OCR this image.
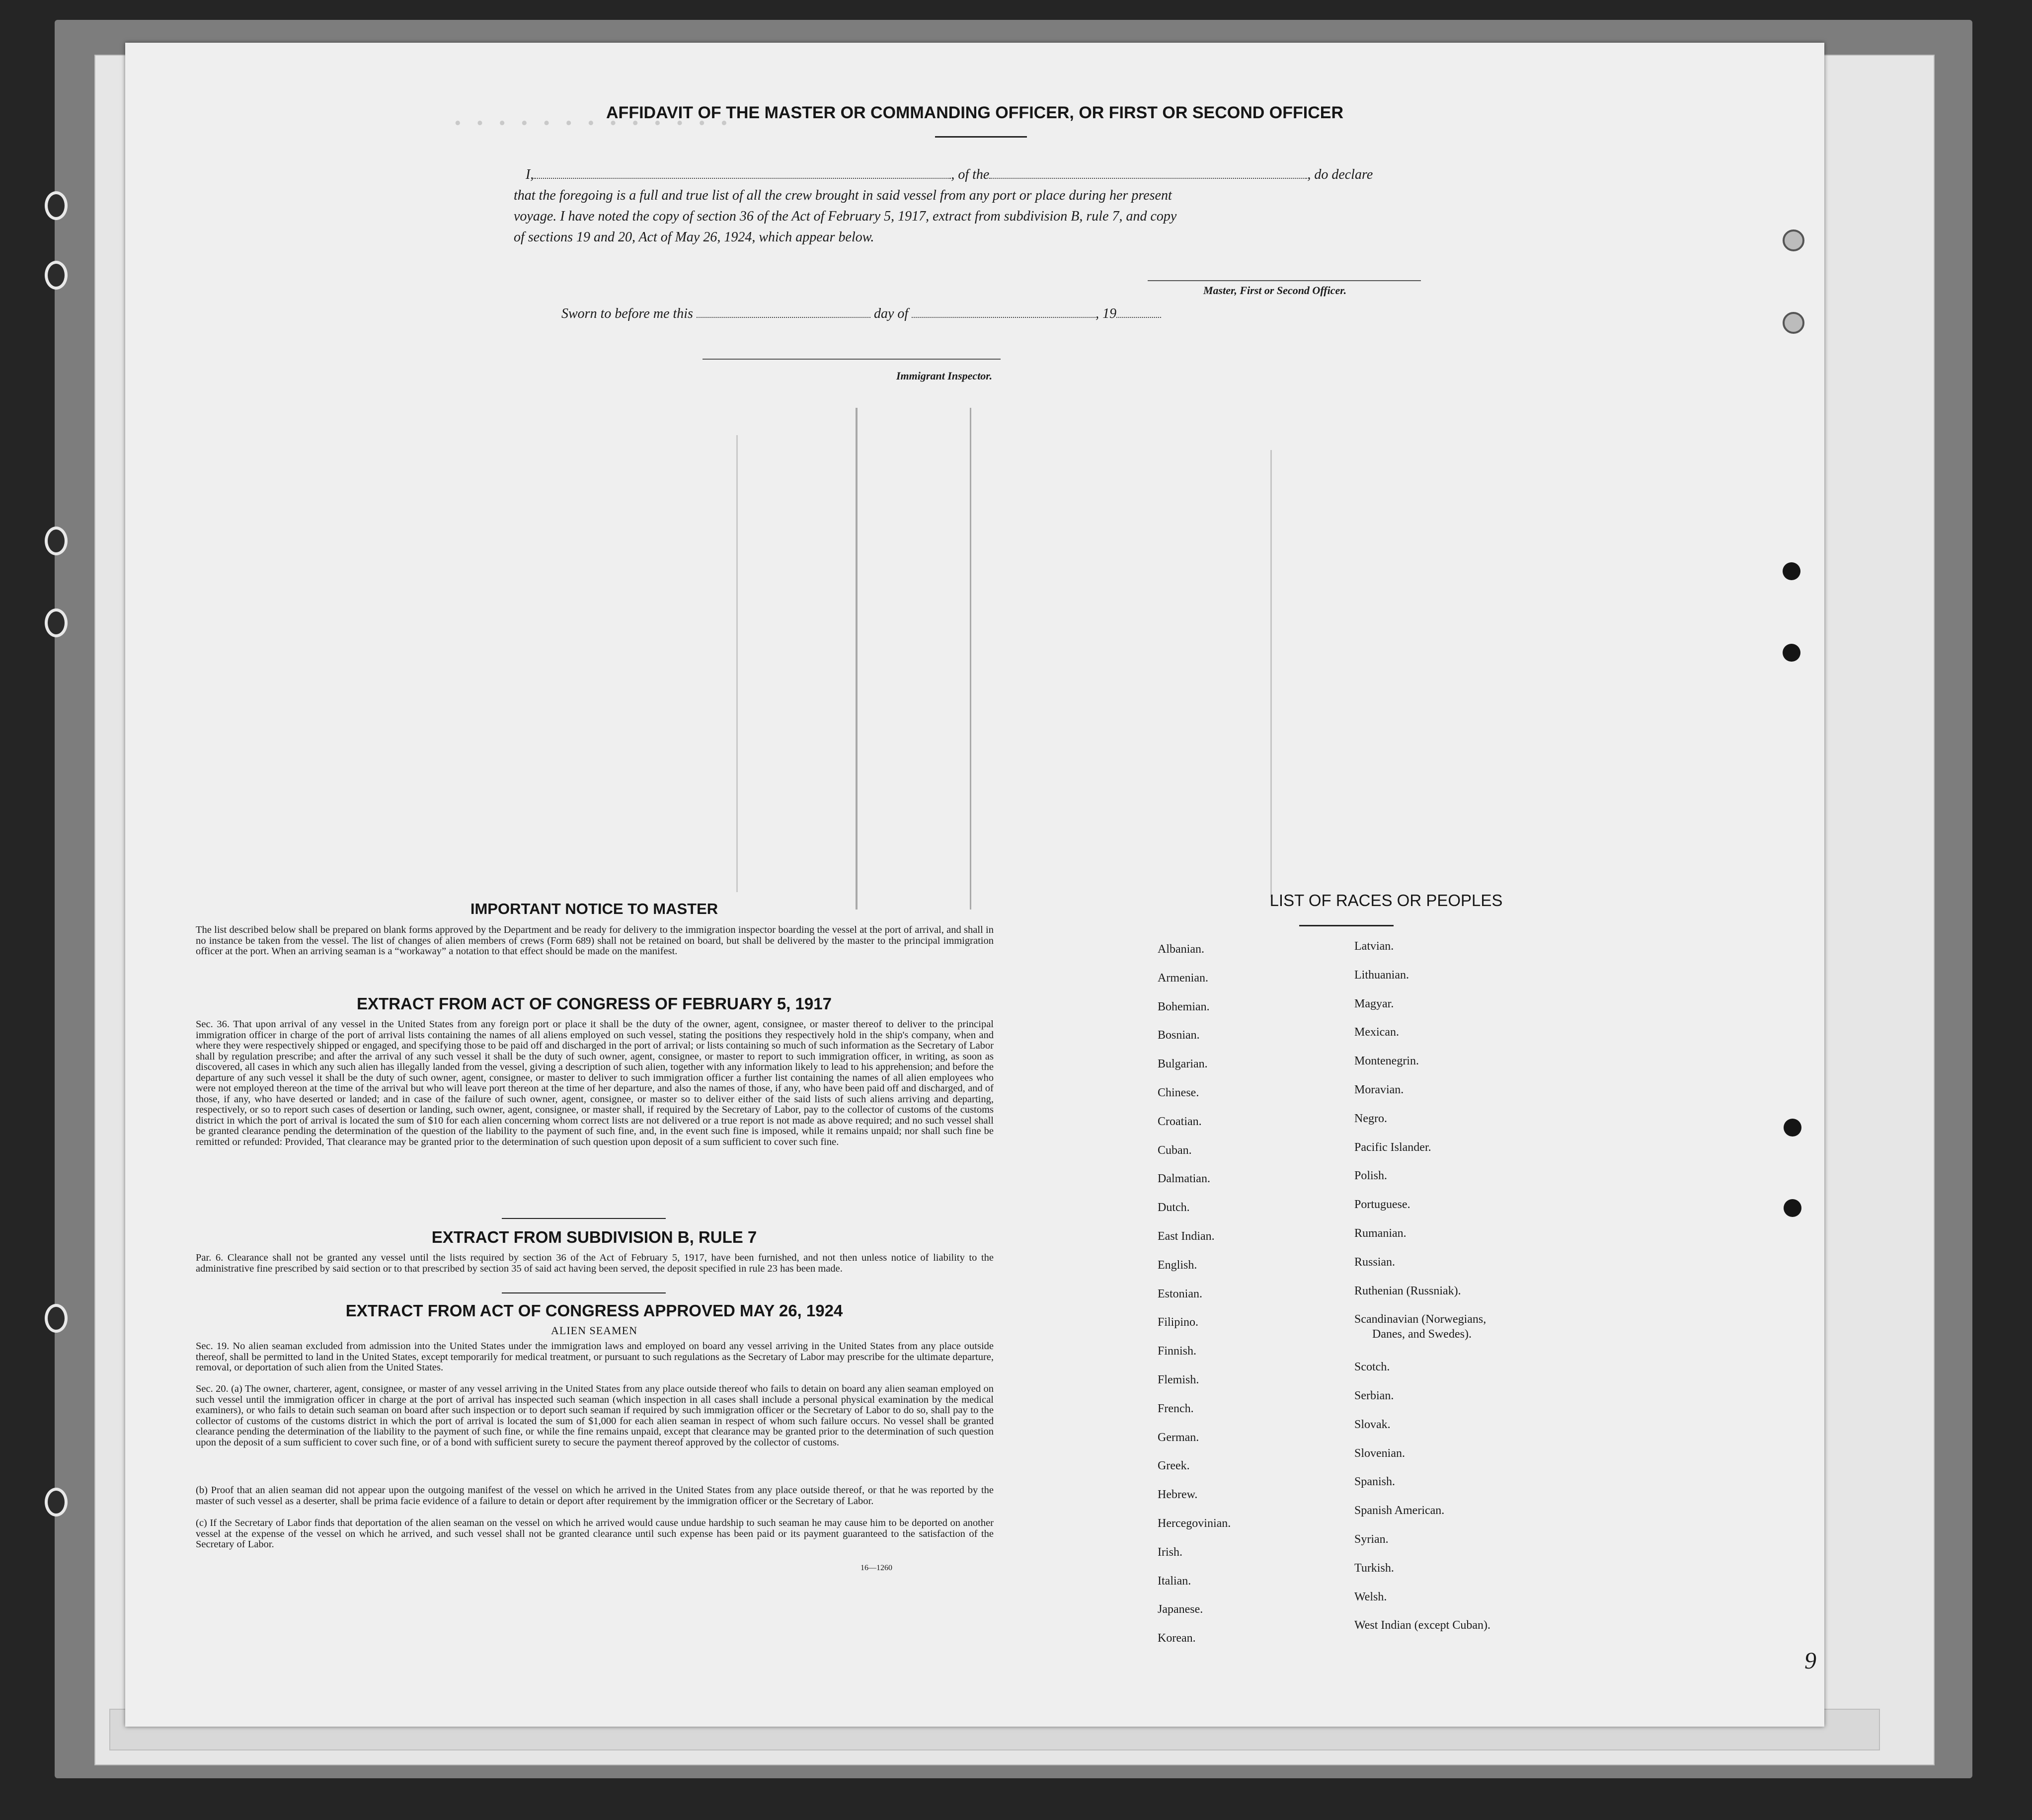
· · · · · · · · · · · · ·
AFFIDAVIT OF THE MASTER OR COMMANDING OFFICER, OR FIRST OR SECOND OFFICER
I,	, of the	, do declare
that the foregoing is a full and true list of all the crew brought in said vessel from any port or place during her present
voyage. I have noted the copy of section 36 of the Act of February 5, 1917, extract from subdivision B, rule 7, and copy
of sections 19 and 20, Act of May 26, 1924, which appear below.
Master, First or Second Officer.
Sworn to before me this	day of	, 19
Immigrant Inspector.
IMPORTANT NOTICE TO MASTER
The list described below shall be prepared on blank forms approved by the Department and be ready for delivery to the immigration inspector boarding the vessel at the port of arrival, and shall in no instance be taken from the vessel. The list of changes of alien members of crews (Form 689) shall not be retained on board, but shall be delivered by the master to the principal immigration officer at the port. When an arriving seaman is a “workaway” a notation to that effect should be made on the manifest.
EXTRACT FROM ACT OF CONGRESS OF FEBRUARY 5, 1917
Sec. 36. That upon arrival of any vessel in the United States from any foreign port or place it shall be the duty of the owner, agent, consignee, or master thereof to deliver to the principal immigration officer in charge of the port of arrival lists containing the names of all aliens employed on such vessel, stating the positions they respectively hold in the ship's company, when and where they were respectively shipped or engaged, and specifying those to be paid off and discharged in the port of arrival; or lists containing so much of such information as the Secretary of Labor shall by regulation prescribe; and after the arrival of any such vessel it shall be the duty of such owner, agent, consignee, or master to report to such immigration officer, in writing, as soon as discovered, all cases in which any such alien has illegally landed from the vessel, giving a description of such alien, together with any information likely to lead to his apprehension; and before the departure of any such vessel it shall be the duty of such owner, agent, consignee, or master to deliver to such immigration officer a further list containing the names of all alien employees who were not employed thereon at the time of the arrival but who will leave port thereon at the time of her departure, and also the names of those, if any, who have been paid off and discharged, and of those, if any, who have deserted or landed; and in case of the failure of such owner, agent, consignee, or master so to deliver either of the said lists of such aliens arriving and departing, respectively, or so to report such cases of desertion or landing, such owner, agent, consignee, or master shall, if required by the Secretary of Labor, pay to the collector of customs of the customs district in which the port of arrival is located the sum of $10 for each alien concerning whom correct lists are not delivered or a true report is not made as above required; and no such vessel shall be granted clearance pending the determination of the question of the liability to the payment of such fine, and, in the event such fine is imposed, while it remains unpaid; nor shall such fine be remitted or refunded: Provided, That clearance may be granted prior to the determination of such question upon deposit of a sum sufficient to cover such fine.
EXTRACT FROM SUBDIVISION B, RULE 7
Par. 6. Clearance shall not be granted any vessel until the lists required by section 36 of the Act of February 5, 1917, have been furnished, and not then unless notice of liability to the administrative fine prescribed by said section or to that prescribed by section 35 of said act having been served, the deposit specified in rule 23 has been made.
EXTRACT FROM ACT OF CONGRESS APPROVED MAY 26, 1924
ALIEN SEAMEN
Sec. 19. No alien seaman excluded from admission into the United States under the immigration laws and employed on board any vessel arriving in the United States from any place outside thereof, shall be permitted to land in the United States, except temporarily for medical treatment, or pursuant to such regulations as the Secretary of Labor may prescribe for the ultimate departure, removal, or deportation of such alien from the United States.
Sec. 20. (a) The owner, charterer, agent, consignee, or master of any vessel arriving in the United States from any place outside thereof who fails to detain on board any alien seaman employed on such vessel until the immigration officer in charge at the port of arrival has inspected such seaman (which inspection in all cases shall include a personal physical examination by the medical examiners), or who fails to detain such seaman on board after such inspection or to deport such seaman if required by such immigration officer or the Secretary of Labor to do so, shall pay to the collector of customs of the customs district in which the port of arrival is located the sum of $1,000 for each alien seaman in respect of whom such failure occurs. No vessel shall be granted clearance pending the determination of the liability to the payment of such fine, or while the fine remains unpaid, except that clearance may be granted prior to the determination of such question upon the deposit of a sum sufficient to cover such fine, or of a bond with sufficient surety to secure the payment thereof approved by the collector of customs.
(b) Proof that an alien seaman did not appear upon the outgoing manifest of the vessel on which he arrived in the United States from any place outside thereof, or that he was reported by the master of such vessel as a deserter, shall be prima facie evidence of a failure to detain or deport after requirement by the immigration officer or the Secretary of Labor.
(c) If the Secretary of Labor finds that deportation of the alien seaman on the vessel on which he arrived would cause undue hardship to such seaman he may cause him to be deported on another vessel at the expense of the vessel on which he arrived, and such vessel shall not be granted clearance until such expense has been paid or its payment guaranteed to the satisfaction of the Secretary of Labor.
16—1260
LIST OF RACES OR PEOPLES
Albanian.
Armenian.
Bohemian.
Bosnian.
Bulgarian.
Chinese.
Croatian.
Cuban.
Dalmatian.
Dutch.
East Indian.
English.
Estonian.
Filipino.
Finnish.
Flemish.
French.
German.
Greek.
Hebrew.
Hercegovinian.
Irish.
Italian.
Japanese.
Korean.
Latvian.
Lithuanian.
Magyar.
Mexican.
Montenegrin.
Moravian.
Negro.
Pacific Islander.
Polish.
Portuguese.
Rumanian.
Russian.
Ruthenian (Russniak).
Scandinavian (Norwegians,
Danes, and Swedes).
Scotch.
Serbian.
Slovak.
Slovenian.
Spanish.
Spanish American.
Syrian.
Turkish.
Welsh.
West Indian (except Cuban).
9
